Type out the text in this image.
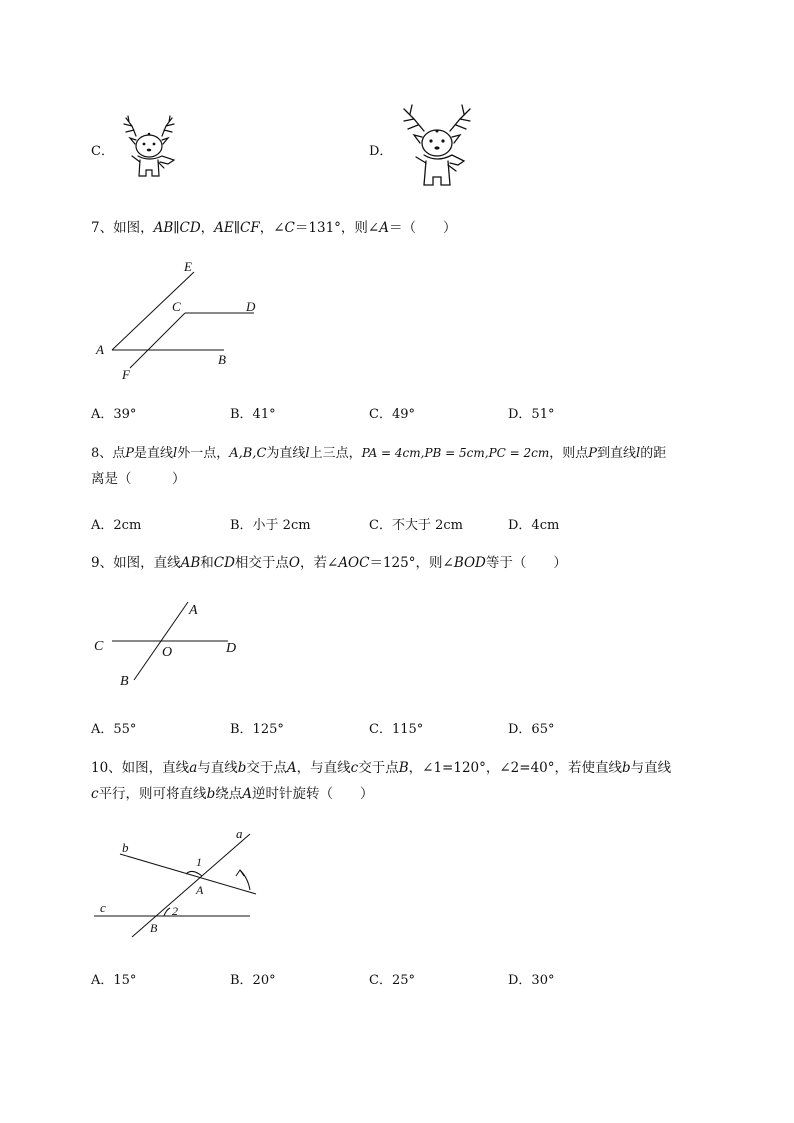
C．	D．
7、如图，AB∥CD，AE∥CF，∠C＝131°，则∠A＝（　　）
E
C	D
A
B
F
A．39°	B．41°	C．49°	D．51°
8、点P是直线l外一点，A,B,C为直线l上三点，PA = 4cm,PB = 5cm,PC = 2cm，则点P到直线l的距
离是（　　　）
A．2cm	B．小于 2cm	C．不大于 2cm	D．4cm
9、如图，直线AB和CD相交于点O，若∠AOC＝125°，则∠BOD等于（　　）
A
C	O	D
B
A．55°	B．125°	C．115°	D．65°
10、如图，直线a与直线b交于点A，与直线c交于点B，∠1=120°，∠2=40°，若使直线b与直线
c平行，则可将直线b绕点A逆时针旋转（　　）
a
b
1
A
c	2
B
A．15°	B．20°	C．25°	D．30°
